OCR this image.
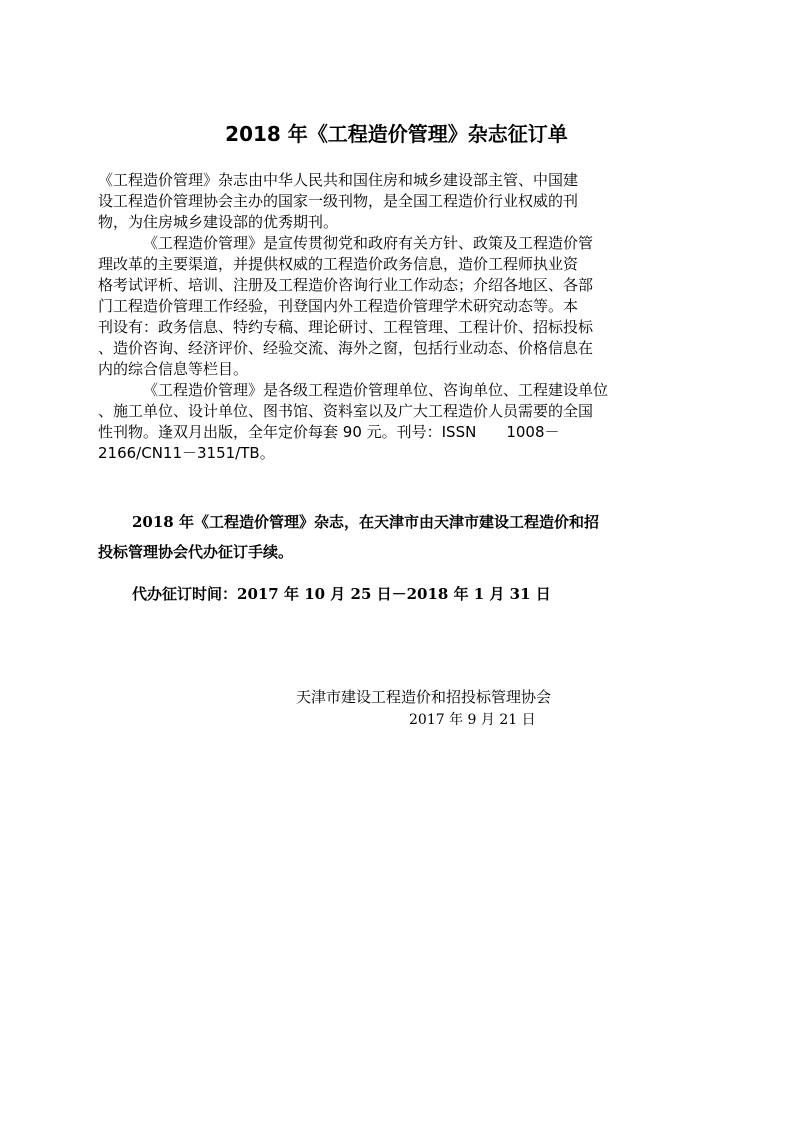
2018 年《工程造价管理》杂志征订单
《工程造价管理》杂志由中华人民共和国住房和城乡建设部主管、中国建
设工程造价管理协会主办的国家一级刊物，是全国工程造价行业权威的刊
物，为住房城乡建设部的优秀期刊。
《工程造价管理》是宣传贯彻党和政府有关方针、政策及工程造价管
理改革的主要渠道，并提供权威的工程造价政务信息，造价工程师执业资
格考试评析、培训、注册及工程造价咨询行业工作动态；介绍各地区、各部
门工程造价管理工作经验，刊登国内外工程造价管理学术研究动态等。本
刊设有：政务信息、特约专稿、理论研讨、工程管理、工程计价、招标投标
、造价咨询、经济评价、经验交流、海外之窗，包括行业动态、价格信息在
内的综合信息等栏目。
《工程造价管理》是各级工程造价管理单位、咨询单位、工程建设单位
、施工单位、设计单位、图书馆、资料室以及广大工程造价人员需要的全国
性刊物。逢双月出版，全年定价每套 90 元。刊号：ISSN 1008－
2166/CN11－3151/TB。
2018 年《工程造价管理》杂志，在天津市由天津市建设工程造价和招
投标管理协会代办征订手续。
代办征订时间：2017 年 10 月 25 日－2018 年 1 月 31 日
天津市建设工程造价和招投标管理协会
2017 年 9 月 21 日
